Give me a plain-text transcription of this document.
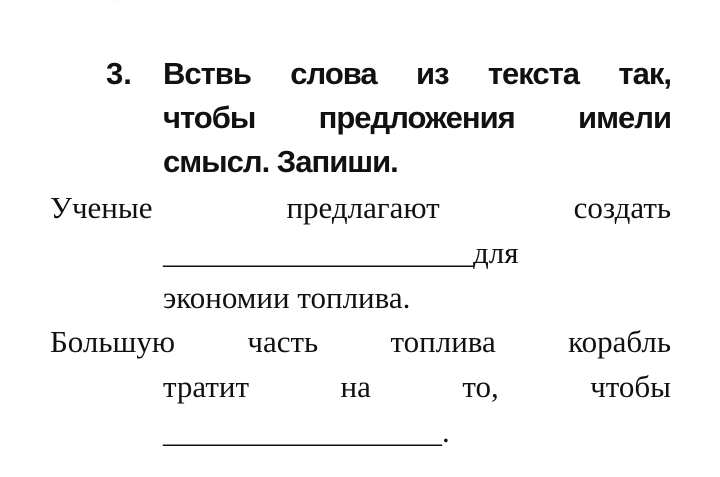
3. Вствь слова из текста так,
чтобы предложения имели
смысл. Запиши.
Ученые	предлагают	создать
____________________для
экономии топлива.
Большую часть топлива корабль
тратит	на	то,	чтобы
__________________.
